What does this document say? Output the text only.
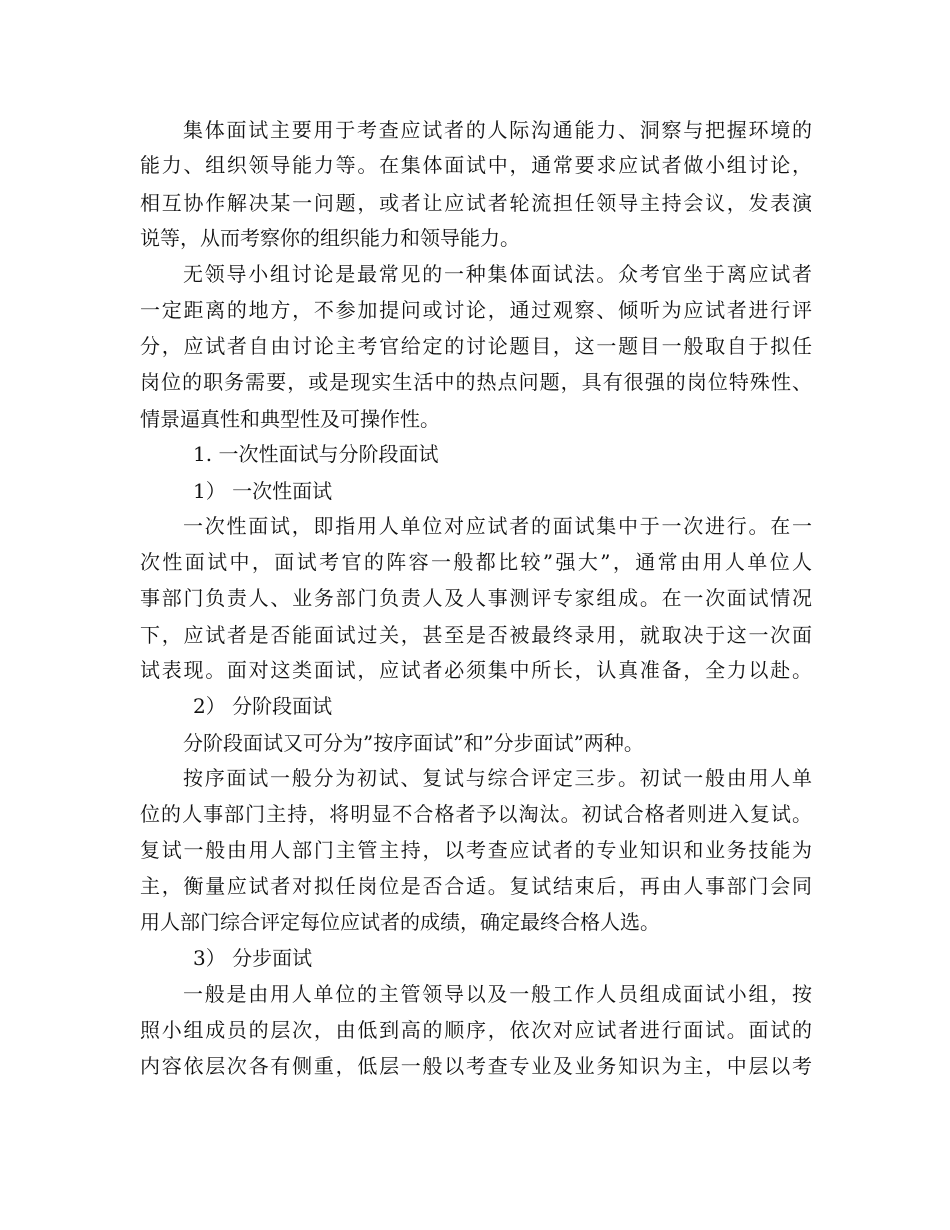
集体面试主要用于考查应试者的人际沟通能力、洞察与把握环境的
能力、组织领导能力等。在集体面试中，通常要求应试者做小组讨论，
相互协作解决某一问题，或者让应试者轮流担任领导主持会议，发表演
说等，从而考察你的组织能力和领导能力。
无领导小组讨论是最常见的一种集体面试法。众考官坐于离应试者
一定距离的地方，不参加提问或讨论，通过观察、倾听为应试者进行评
分，应试者自由讨论主考官给定的讨论题目，这一题目一般取自于拟任
岗位的职务需要，或是现实生活中的热点问题，具有很强的岗位特殊性、
情景逼真性和典型性及可操作性。
1. 一次性面试与分阶段面试
1） 一次性面试
一次性面试，即指用人单位对应试者的面试集中于一次进行。在一
次性面试中，面试考官的阵容一般都比较”强大”，通常由用人单位人
事部门负责人、业务部门负责人及人事测评专家组成。在一次面试情况
下，应试者是否能面试过关，甚至是否被最终录用，就取决于这一次面
试表现。面对这类面试，应试者必须集中所长，认真准备，全力以赴。
2） 分阶段面试
分阶段面试又可分为”按序面试”和”分步面试”两种。
按序面试一般分为初试、复试与综合评定三步。初试一般由用人单
位的人事部门主持，将明显不合格者予以淘汰。初试合格者则进入复试。
复试一般由用人部门主管主持，以考查应试者的专业知识和业务技能为
主，衡量应试者对拟任岗位是否合适。复试结束后，再由人事部门会同
用人部门综合评定每位应试者的成绩，确定最终合格人选。
3） 分步面试
一般是由用人单位的主管领导以及一般工作人员组成面试小组，按
照小组成员的层次，由低到高的顺序，依次对应试者进行面试。面试的
内容依层次各有侧重，低层一般以考查专业及业务知识为主，中层以考
